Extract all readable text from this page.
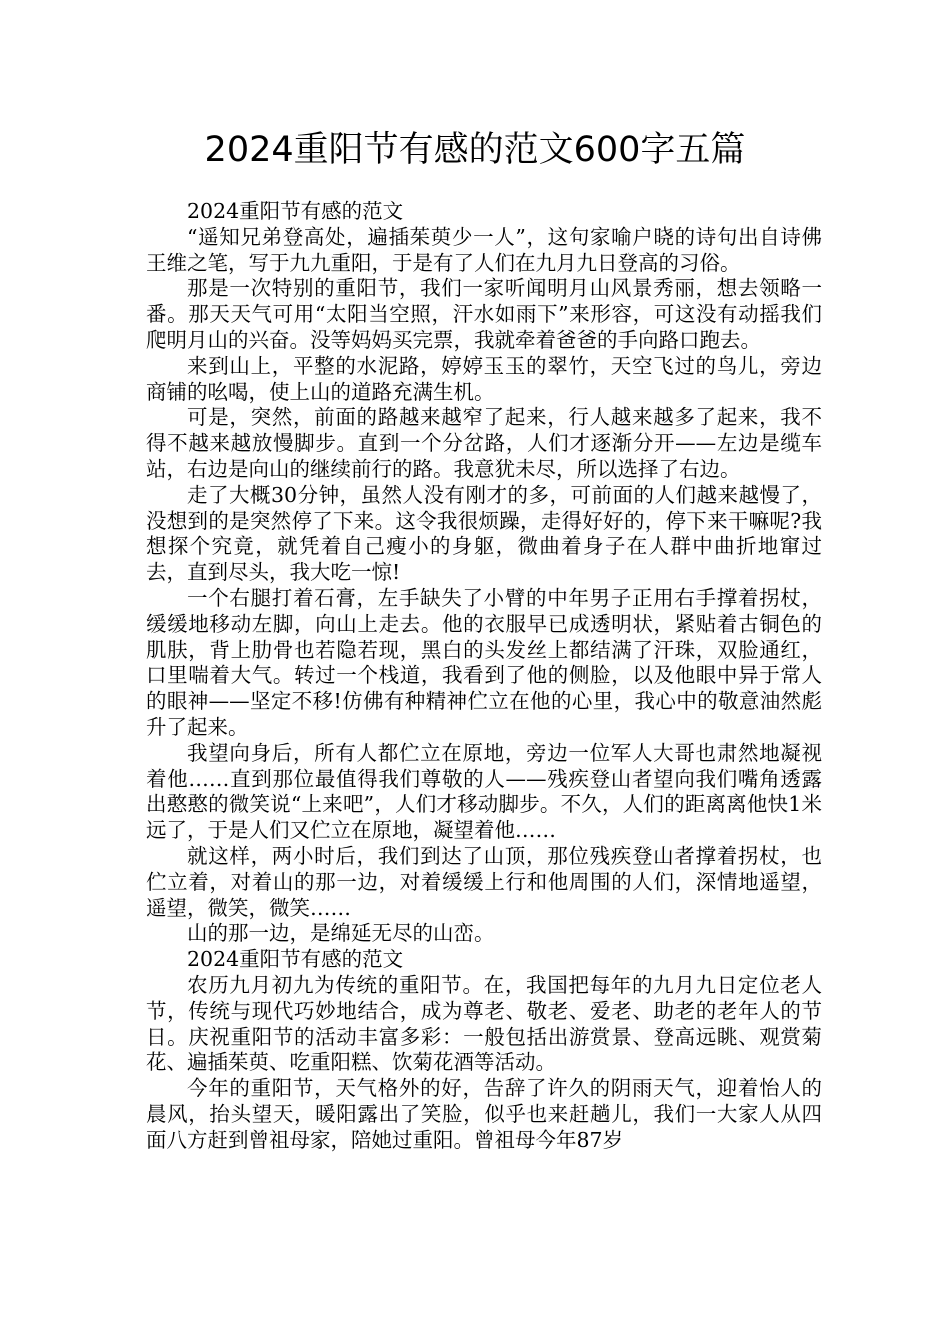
2024重阳节有感的范文600字五篇

2024重阳节有感的范文

“遥知兄弟登高处，遍插茱萸少一人”，这句家喻户晓的诗句出自诗佛王维之笔，写于九九重阳，于是有了人们在九月九日登高的习俗。

那是一次特别的重阳节，我们一家听闻明月山风景秀丽，想去领略一番。那天天气可用“太阳当空照，汗水如雨下”来形容，可这没有动摇我们爬明月山的兴奋。没等妈妈买完票，我就牵着爸爸的手向路口跑去。

来到山上，平整的水泥路，婷婷玉玉的翠竹，天空飞过的鸟儿，旁边商铺的吆喝，使上山的道路充满生机。

可是，突然，前面的路越来越窄了起来，行人越来越多了起来，我不得不越来越放慢脚步。直到一个分岔路，人们才逐渐分开——左边是缆车站，右边是向山的继续前行的路。我意犹未尽，所以选择了右边。

走了大概30分钟，虽然人没有刚才的多，可前面的人们越来越慢了，没想到的是突然停了下来。这令我很烦躁，走得好好的，停下来干嘛呢?我想探个究竟，就凭着自己瘦小的身躯，微曲着身子在人群中曲折地窜过去，直到尽头，我大吃一惊!

一个右腿打着石膏，左手缺失了小臂的中年男子正用右手撑着拐杖，缓缓地移动左脚，向山上走去。他的衣服早已成透明状，紧贴着古铜色的肌肤，背上肋骨也若隐若现，黑白的头发丝上都结满了汗珠，双脸通红，口里喘着大气。转过一个栈道，我看到了他的侧脸，以及他眼中异于常人的眼神——坚定不移!仿佛有种精神伫立在他的心里，我心中的敬意油然彪升了起来。

我望向身后，所有人都伫立在原地，旁边一位军人大哥也肃然地凝视着他……直到那位最值得我们尊敬的人——残疾登山者望向我们嘴角透露出憨憨的微笑说“上来吧”，人们才移动脚步。不久，人们的距离离他快1米远了，于是人们又伫立在原地，凝望着他……

就这样，两小时后，我们到达了山顶，那位残疾登山者撑着拐杖，也伫立着，对着山的那一边，对着缓缓上行和他周围的人们，深情地遥望，遥望，微笑，微笑……

山的那一边，是绵延无尽的山峦。

2024重阳节有感的范文

农历九月初九为传统的重阳节。在，我国把每年的九月九日定位老人节，传统与现代巧妙地结合，成为尊老、敬老、爱老、助老的老年人的节日。庆祝重阳节的活动丰富多彩：一般包括出游赏景、登高远眺、观赏菊花、遍插茱萸、吃重阳糕、饮菊花酒等活动。

今年的重阳节，天气格外的好，告辞了许久的阴雨天气，迎着怡人的晨风，抬头望天，暖阳露出了笑脸，似乎也来赶趟儿，我们一大家人从四面八方赶到曾祖母家，陪她过重阳。曾祖母今年87岁
